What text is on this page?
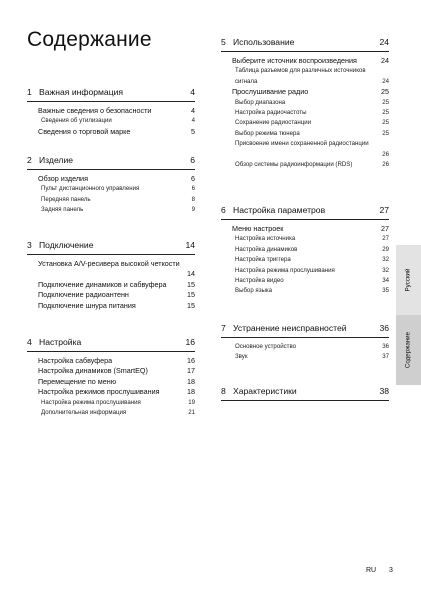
Содержание
1 Важная информация	4
Важные сведения о безопасности	4
Сведения об утилизации	4
Сведения о торговой марке	5
2 Изделие	6
Обзор изделия	6
Пульт дистанционного управления	6
Передняя панель	8
Задняя панель	9
3 Подключение	14
Установка A/V-ресивера высокой четкости
14
Подключение динамиков и сабвуфера	15
Подключение радиоантенн	15
Подключение шнура питания	15
4 Настройка	16
Настройка сабвуфера	16
Настройка динамиков (SmartEQ)	17
Перемещение по меню	18
Настройка режимов прослушивания	18
Настройка режима прослушивания	19
Дополнительная информация	21
5 Использование	24
Выберите источник воспроизведения	24
Таблица разъемов для различных источников сигнала	24
Прослушивание радио	25
Выбор диапазона	25
Настройка радиочастоты	25
Сохранение радиостанции	25
Выбор режима тюнера	25
Присвоение имени сохраненной радиостанции
26
Обзор системы радиоинформации (RDS)	26
6 Настройка параметров	27
Меню настроек	27
Настройка источника	27
Настройка динамиков	29
Настройка триггера	32
Настройка режима прослушивания	32
Настройка видео	34
Выбор языка	35
7 Устранение неисправностей	36
Основное устройство	36
Звук	37
8 Характеристики	38
Русский
Содержание
RU 3
